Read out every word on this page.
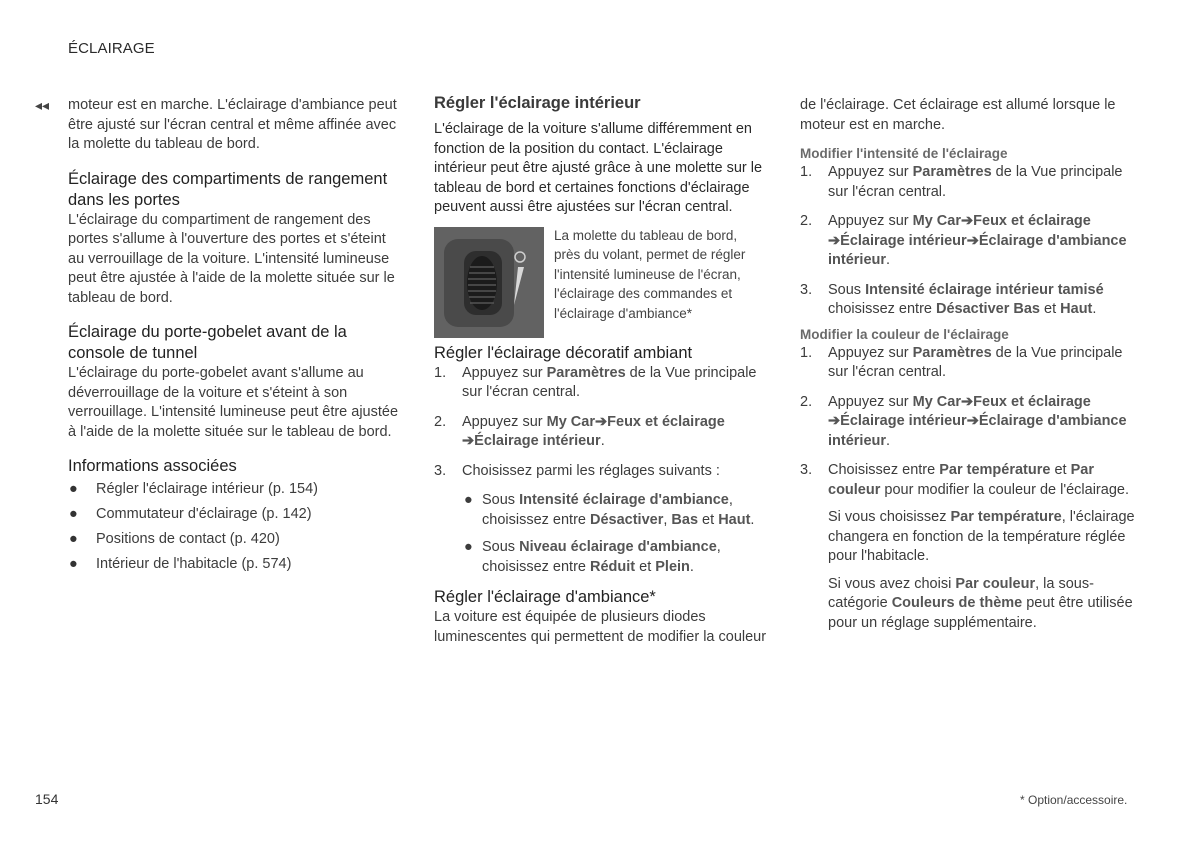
ÉCLAIRAGE
◂◂ moteur est en marche. L'éclairage d'ambiance peut être ajusté sur l'écran central et même affinée avec la molette du tableau de bord.

Éclairage des compartiments de rangement dans les portes

L'éclairage du compartiment de rangement des portes s'allume à l'ouverture des portes et s'éteint au verrouillage de la voiture. L'intensité lumineuse peut être ajustée à l'aide de la molette située sur le tableau de bord.

Éclairage du porte-gobelet avant de la console de tunnel

L'éclairage du porte-gobelet avant s'allume au déverrouillage de la voiture et s'éteint à son verrouillage. L'intensité lumineuse peut être ajustée à l'aide de la molette située sur le tableau de bord.

Informations associées
● Régler l'éclairage intérieur (p. 154)
● Commutateur d'éclairage (p. 142)
● Positions de contact (p. 420)
● Intérieur de l'habitacle (p. 574)
Régler l'éclairage intérieur

L'éclairage de la voiture s'allume différemment en fonction de la position du contact. L'éclairage intérieur peut être ajusté grâce à une molette sur le tableau de bord et certaines fonctions d'éclairage peuvent aussi être ajustées sur l'écran central.

La molette du tableau de bord, près du volant, permet de régler l'intensité lumineuse de l'écran, l'éclairage des commandes et l'éclairage d'ambiance*

Régler l'éclairage décoratif ambiant
1. Appuyez sur Paramètres de la Vue principale sur l'écran central.
2. Appuyez sur My Car➔Feux et éclairage
➔Éclairage intérieur.
3. Choisissez parmi les réglages suivants :
● Sous Intensité éclairage d'ambiance, choisissez entre Désactiver, Bas et Haut.
● Sous Niveau éclairage d'ambiance, choisissez entre Réduit et Plein.
Régler l'éclairage d'ambiance*

La voiture est équipée de plusieurs diodes luminescentes qui permettent de modifier la couleur

de l'éclairage. Cet éclairage est allumé lorsque le moteur est en marche.

Modifier l'intensité de l'éclairage
1. Appuyez sur Paramètres de la Vue principale sur l'écran central.
2. Appuyez sur My Car➔Feux et éclairage
➔Éclairage intérieur➔Éclairage d'ambiance intérieur.
3. Sous Intensité éclairage intérieur tamisé choisissez entre Désactiver Bas et Haut.
Modifier la couleur de l'éclairage
1. Appuyez sur Paramètres de la Vue principale sur l'écran central.
2. Appuyez sur My Car➔Feux et éclairage
➔Éclairage intérieur➔Éclairage d'ambiance intérieur.
3. Choisissez entre Par température et Par couleur pour modifier la couleur de l'éclairage.

Si vous choisissez Par température, l'éclairage changera en fonction de la température réglée pour l'habitacle.

Si vous avez choisi Par couleur, la sous-catégorie Couleurs de thème peut être utilisée pour un réglage supplémentaire.

154	* Option/accessoire.
